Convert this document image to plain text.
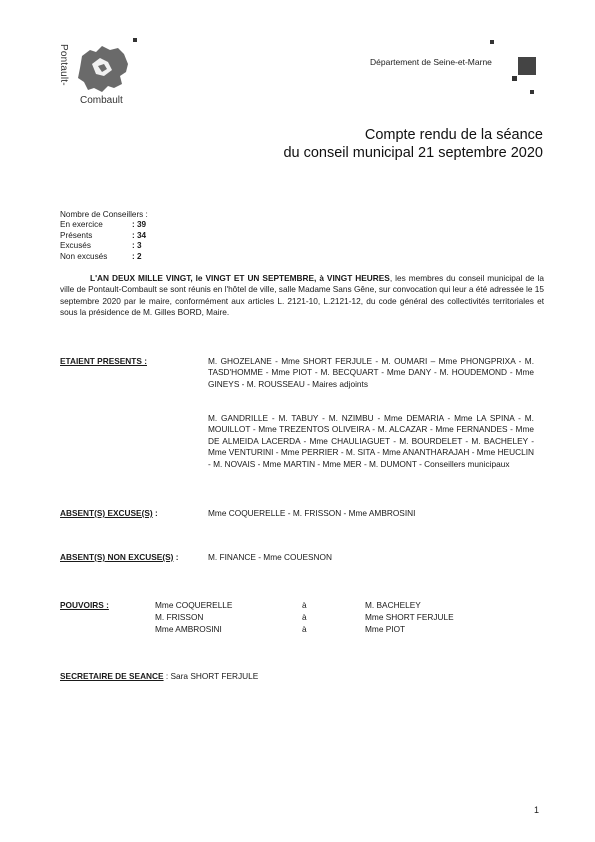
Pontault-
Combault
Département de Seine-et-Marne
Compte rendu de la séance
du conseil municipal 21 septembre 2020
Nombre de Conseillers :
En exercice	: 39
Présents	: 34
Excusés	: 3
Non excusés	: 2
L'AN DEUX MILLE VINGT, le VINGT ET UN SEPTEMBRE, à VINGT HEURES, les membres du conseil municipal de la ville de Pontault-Combault se sont réunis en l'hôtel de ville, salle Madame Sans Gêne, sur convocation qui leur a été adressée le 15 septembre 2020 par le maire, conformément aux articles L. 2121-10, L.2121-12, du code général des collectivités territoriales et sous la présidence de M. Gilles BORD, Maire.
ETAIENT PRESENTS :	M. GHOZELANE - Mme SHORT FERJULE - M. OUMARI – Mme PHONGPRIXA - M. TASD'HOMME - Mme PIOT - M. BECQUART - Mme DANY - M. HOUDEMOND - Mme GINEYS - M. ROUSSEAU - Maires adjoints
M. GANDRILLE - M. TABUY - M. NZIMBU - Mme DEMARIA - Mme LA SPINA - M. MOUILLOT - Mme TREZENTOS OLIVEIRA - M. ALCAZAR - Mme FERNANDES - Mme DE ALMEIDA LACERDA - Mme CHAULIAGUET - M. BOURDELET - M. BACHELEY - Mme VENTURINI - Mme PERRIER - M. SITA - Mme ANANTHARAJAH - Mme HEUCLIN - M. NOVAIS - Mme MARTIN - Mme MER - M. DUMONT - Conseillers municipaux
ABSENT(S) EXCUSE(S) :	Mme COQUERELLE - M. FRISSON - Mme AMBROSINI
ABSENT(S) NON EXCUSE(S) :	M. FINANCE - Mme COUESNON
POUVOIRS :	Mme COQUERELLE	à	M. BACHELEY
M. FRISSON	à	Mme SHORT FERJULE
Mme AMBROSINI	à	Mme PIOT
SECRETAIRE DE SEANCE : Sara SHORT FERJULE
1
